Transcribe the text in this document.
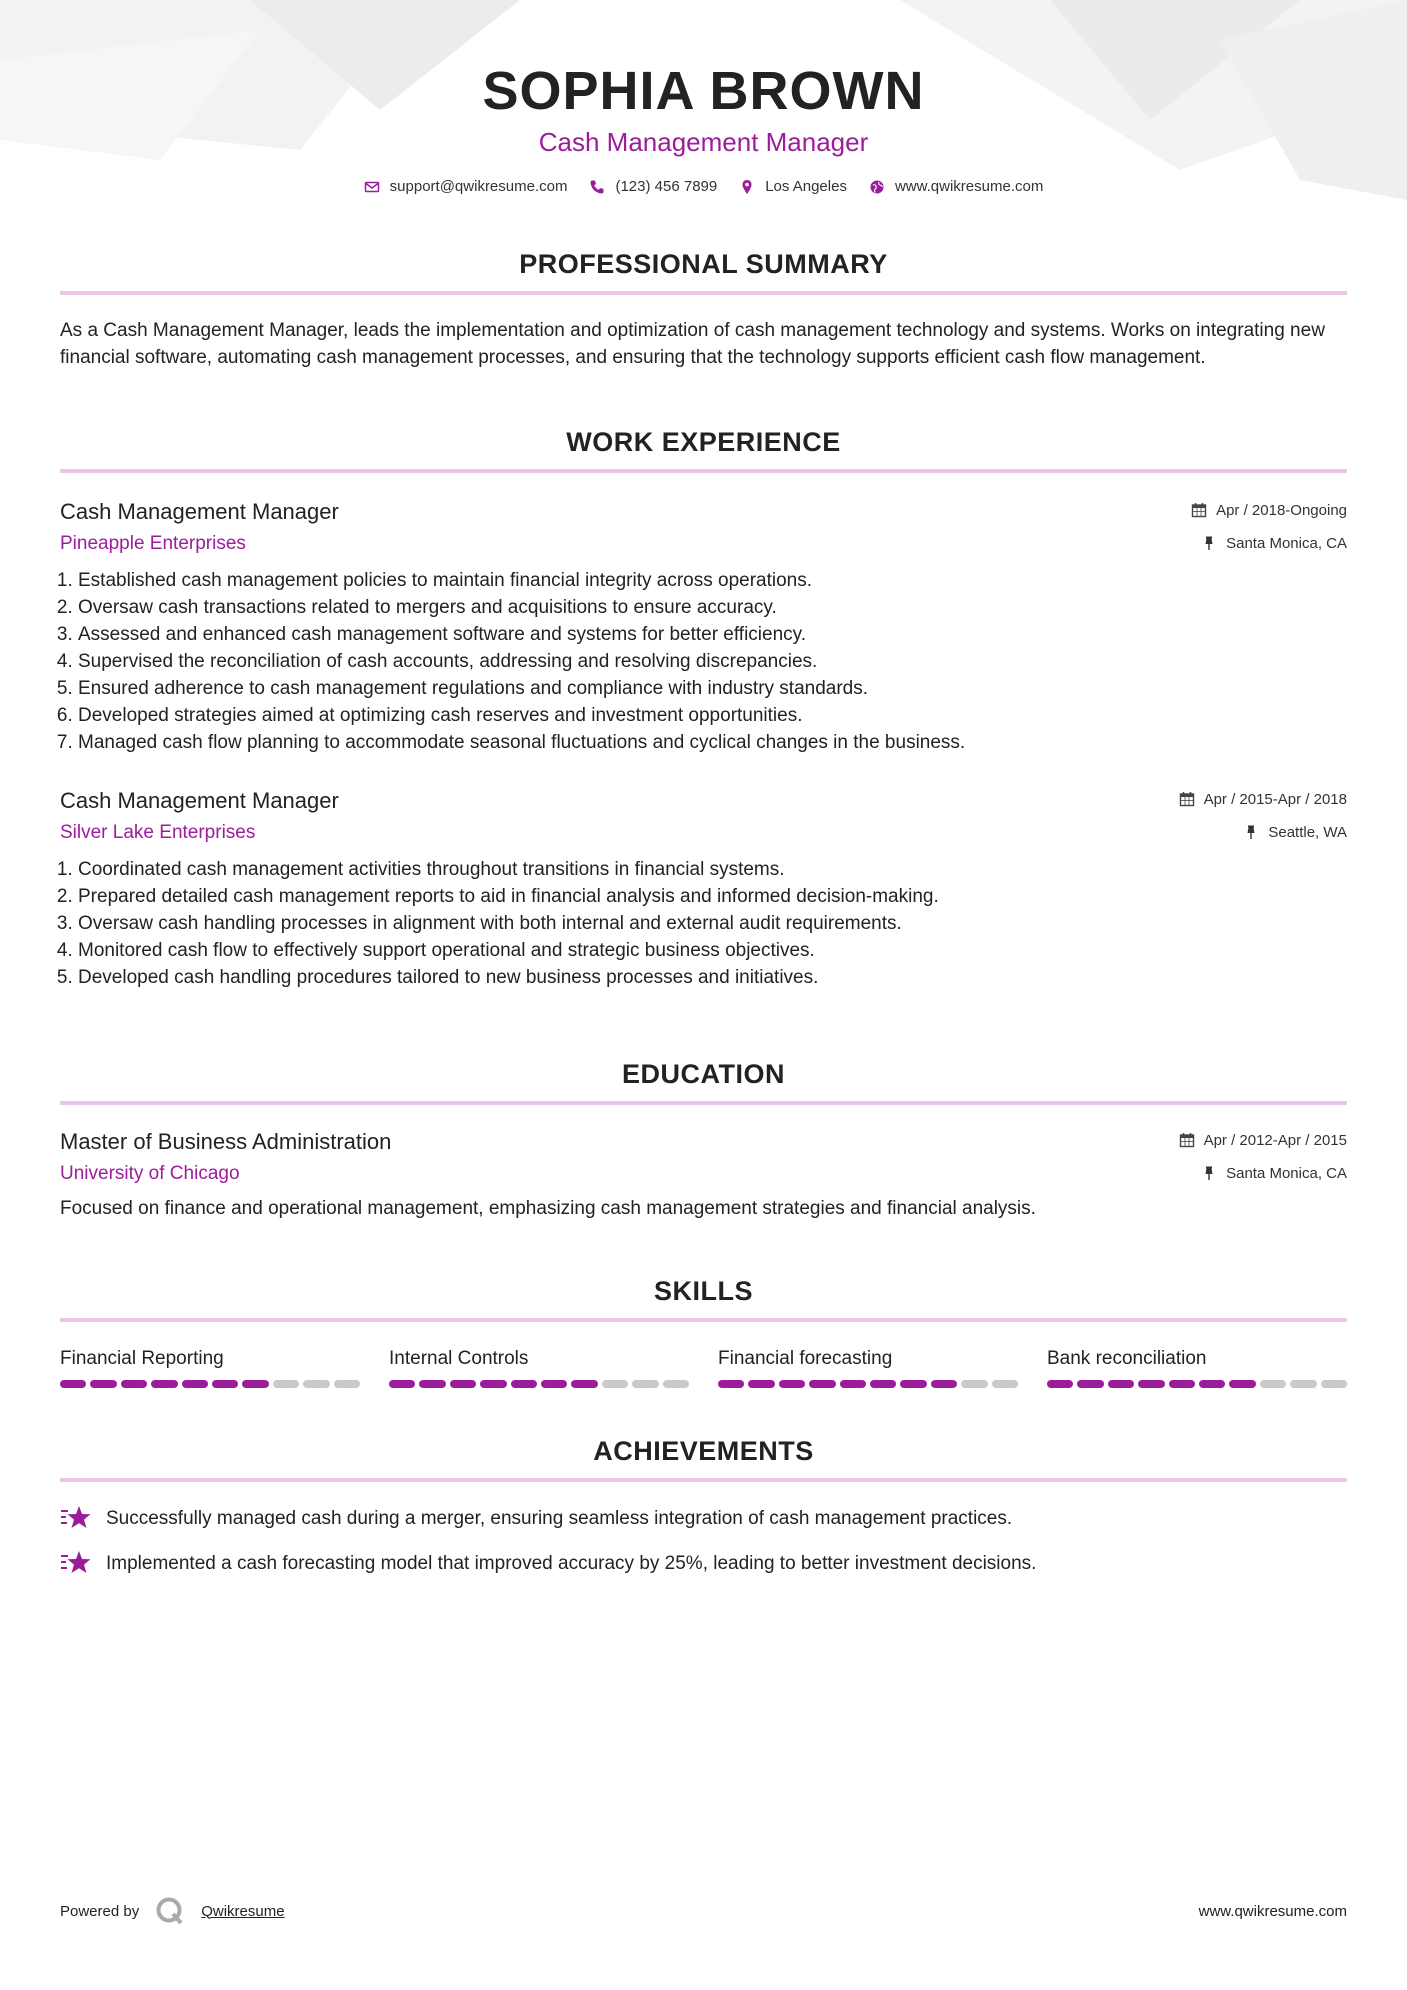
SOPHIA BROWN
Cash Management Manager
support@qwikresume.com	(123) 456 7899	Los Angeles	www.qwikresume.com
PROFESSIONAL SUMMARY
As a Cash Management Manager, leads the implementation and optimization of cash management technology and systems. Works on integrating new financial software, automating cash management processes, and ensuring that the technology supports efficient cash flow management.
WORK EXPERIENCE
Cash Management Manager
Pineapple Enterprises
Apr / 2018-Ongoing
Santa Monica, CA
1. Established cash management policies to maintain financial integrity across operations.
2. Oversaw cash transactions related to mergers and acquisitions to ensure accuracy.
3. Assessed and enhanced cash management software and systems for better efficiency.
4. Supervised the reconciliation of cash accounts, addressing and resolving discrepancies.
5. Ensured adherence to cash management regulations and compliance with industry standards.
6. Developed strategies aimed at optimizing cash reserves and investment opportunities.
7. Managed cash flow planning to accommodate seasonal fluctuations and cyclical changes in the business.
Cash Management Manager
Silver Lake Enterprises
Apr / 2015-Apr / 2018
Seattle, WA
1. Coordinated cash management activities throughout transitions in financial systems.
2. Prepared detailed cash management reports to aid in financial analysis and informed decision-making.
3. Oversaw cash handling processes in alignment with both internal and external audit requirements.
4. Monitored cash flow to effectively support operational and strategic business objectives.
5. Developed cash handling procedures tailored to new business processes and initiatives.
EDUCATION
Master of Business Administration
University of Chicago
Apr / 2012-Apr / 2015
Santa Monica, CA
Focused on finance and operational management, emphasizing cash management strategies and financial analysis.
SKILLS
Financial Reporting	Internal Controls	Financial forecasting	Bank reconciliation
ACHIEVEMENTS
Successfully managed cash during a merger, ensuring seamless integration of cash management practices.
Implemented a cash forecasting model that improved accuracy by 25%, leading to better investment decisions.
Powered by	Qwikresume	www.qwikresume.com
